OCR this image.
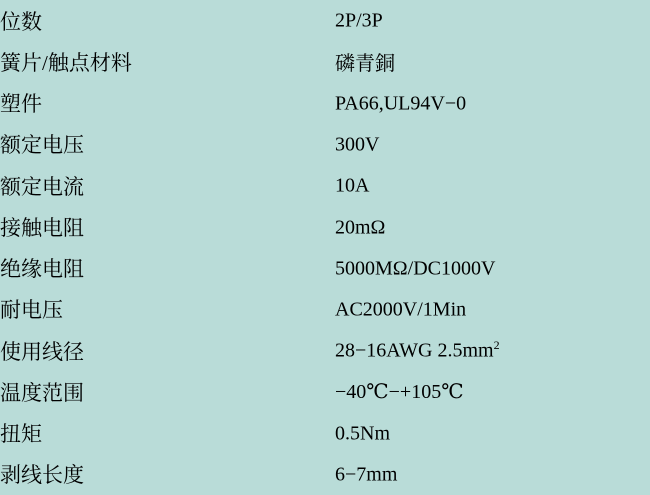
位数	2P/3P
簧片/触点材料	磷青銅
塑件	PA66,UL94V−0
额定电压	300V
额定电流	10A
接触电阻	20mΩ
绝缘电阻	5000MΩ/DC1000V
耐电压	AC2000V/1Min
使用线径	28−16AWG $2.5mm^2$
温度范围	−40℃−+105℃
扭矩	0.5Nm
剥线长度	6−7mm
